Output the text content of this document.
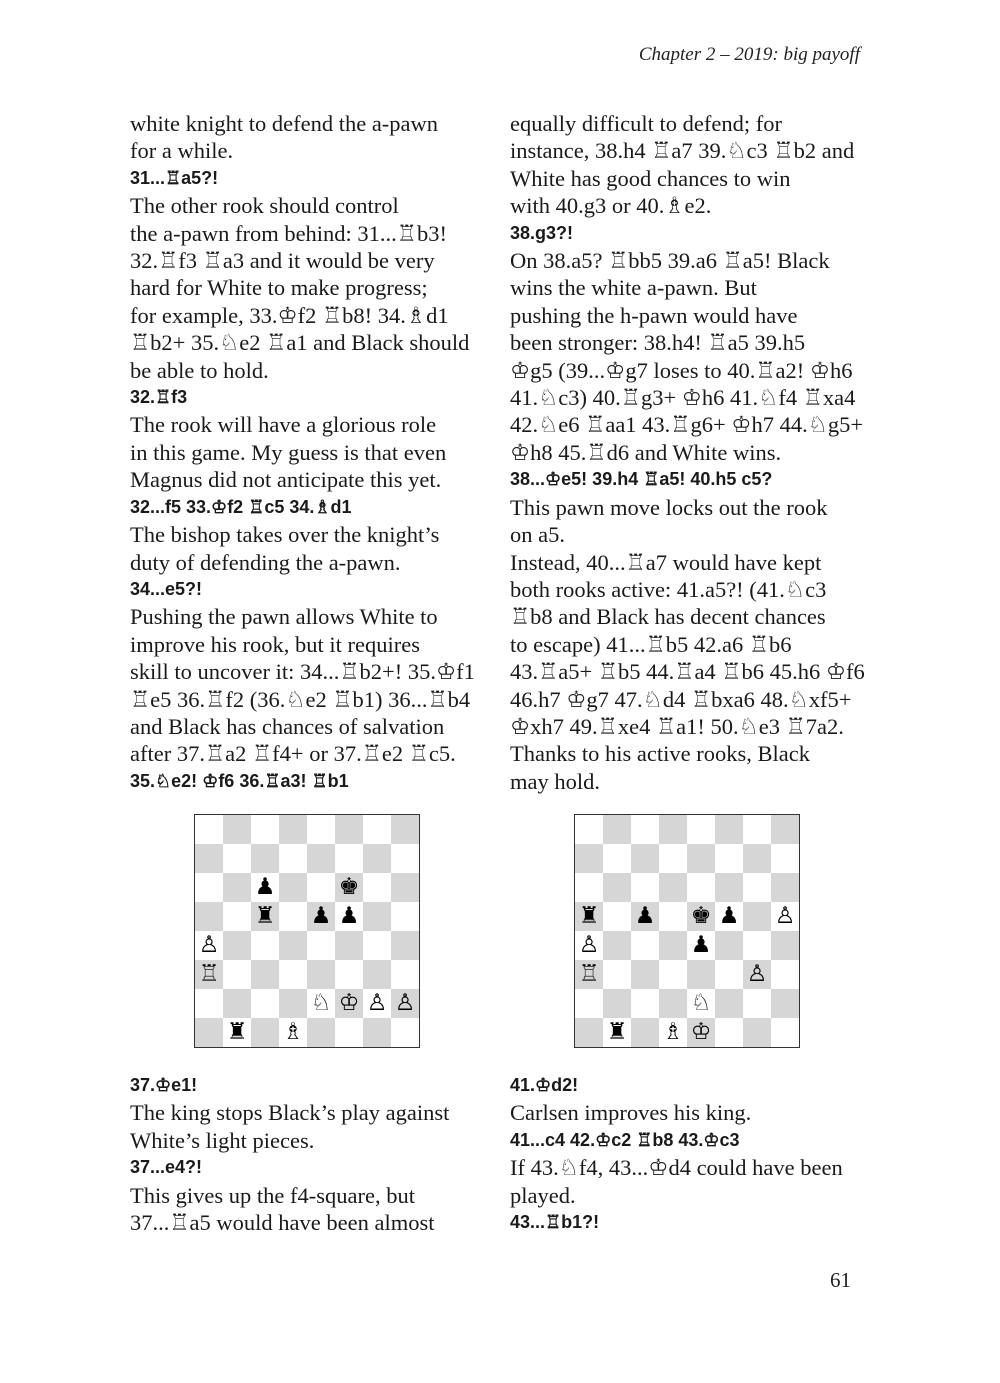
Chapter 2 – 2019: big payoff

white knight to defend the a-pawn

for a while.

31...♖a5?!

The other rook should control

the a-pawn from behind: 31...♖b3!

32.♖f3 ♖a3 and it would be very

hard for White to make progress;

for example, 33.♔f2 ♖b8! 34.♗d1

♖b2+ 35.♘e2 ♖a1 and Black should

be able to hold.

32.♖f3

The rook will have a glorious role

in this game. My guess is that even

Magnus did not anticipate this yet.

32...f5 33.♔f2 ♖c5 34.♗d1

The bishop takes over the knight’s

duty of defending the a-pawn.

34...e5?!

Pushing the pawn allows White to

improve his rook, but it requires

skill to uncover it: 34...♖b2+! 35.♔f1

♖e5 36.♖f2 (36.♘e2 ♖b1) 36...♖b4

and Black has chances of salvation

after 37.♖a2 ♖f4+ or 37.♖e2 ♖c5.

35.♘e2! ♔f6 36.♖a3! ♖b1

equally difficult to defend; for

instance, 38.h4 ♖a7 39.♘c3 ♖b2 and

White has good chances to win

with 40.g3 or 40.♗e2.

38.g3?!

On 38.a5? ♖bb5 39.a6 ♖a5! Black

wins the white a-pawn. But

pushing the h-pawn would have

been stronger: 38.h4! ♖a5 39.h5

♔g5 (39...♔g7 loses to 40.♖a2! ♔h6

41.♘c3) 40.♖g3+ ♔h6 41.♘f4 ♖xa4

42.♘e6 ♖aa1 43.♖g6+ ♔h7 44.♘g5+

♔h8 45.♖d6 and White wins.

38...♔e5! 39.h4 ♖a5! 40.h5 c5?

This pawn move locks out the rook

on a5.

Instead, 40...♖a7 would have kept

both rooks active: 41.a5?! (41.♘c3

♖b8 and Black has decent chances

to escape) 41...♖b5 42.a6 ♖b6

43.♖a5+ ♖b5 44.♖a4 ♖b6 45.h6 ♔f6

46.h7 ♔g7 47.♘d4 ♖bxa6 48.♘xf5+

♔xh7 49.♖xe4 ♖a1! 50.♘e3 ♖7a2.

Thanks to his active rooks, Black

may hold.

♟	♚
♜ ♟ ♟
♙
♖
♘ ♔ ♙ ♙
♜ ♗
♜ ♟ ♚ ♟ ♙
♙	♟
♖	♙
♘
♜ ♗ ♔

37.♔e1!

The king stops Black’s play against

White’s light pieces.

37...e4?!

This gives up the f4-square, but

37...♖a5 would have been almost

41.♔d2!

Carlsen improves his king.

41...c4 42.♔c2 ♖b8 43.♔c3

If 43.♘f4, 43...♔d4 could have been

played.

43...♖b1?!

61
